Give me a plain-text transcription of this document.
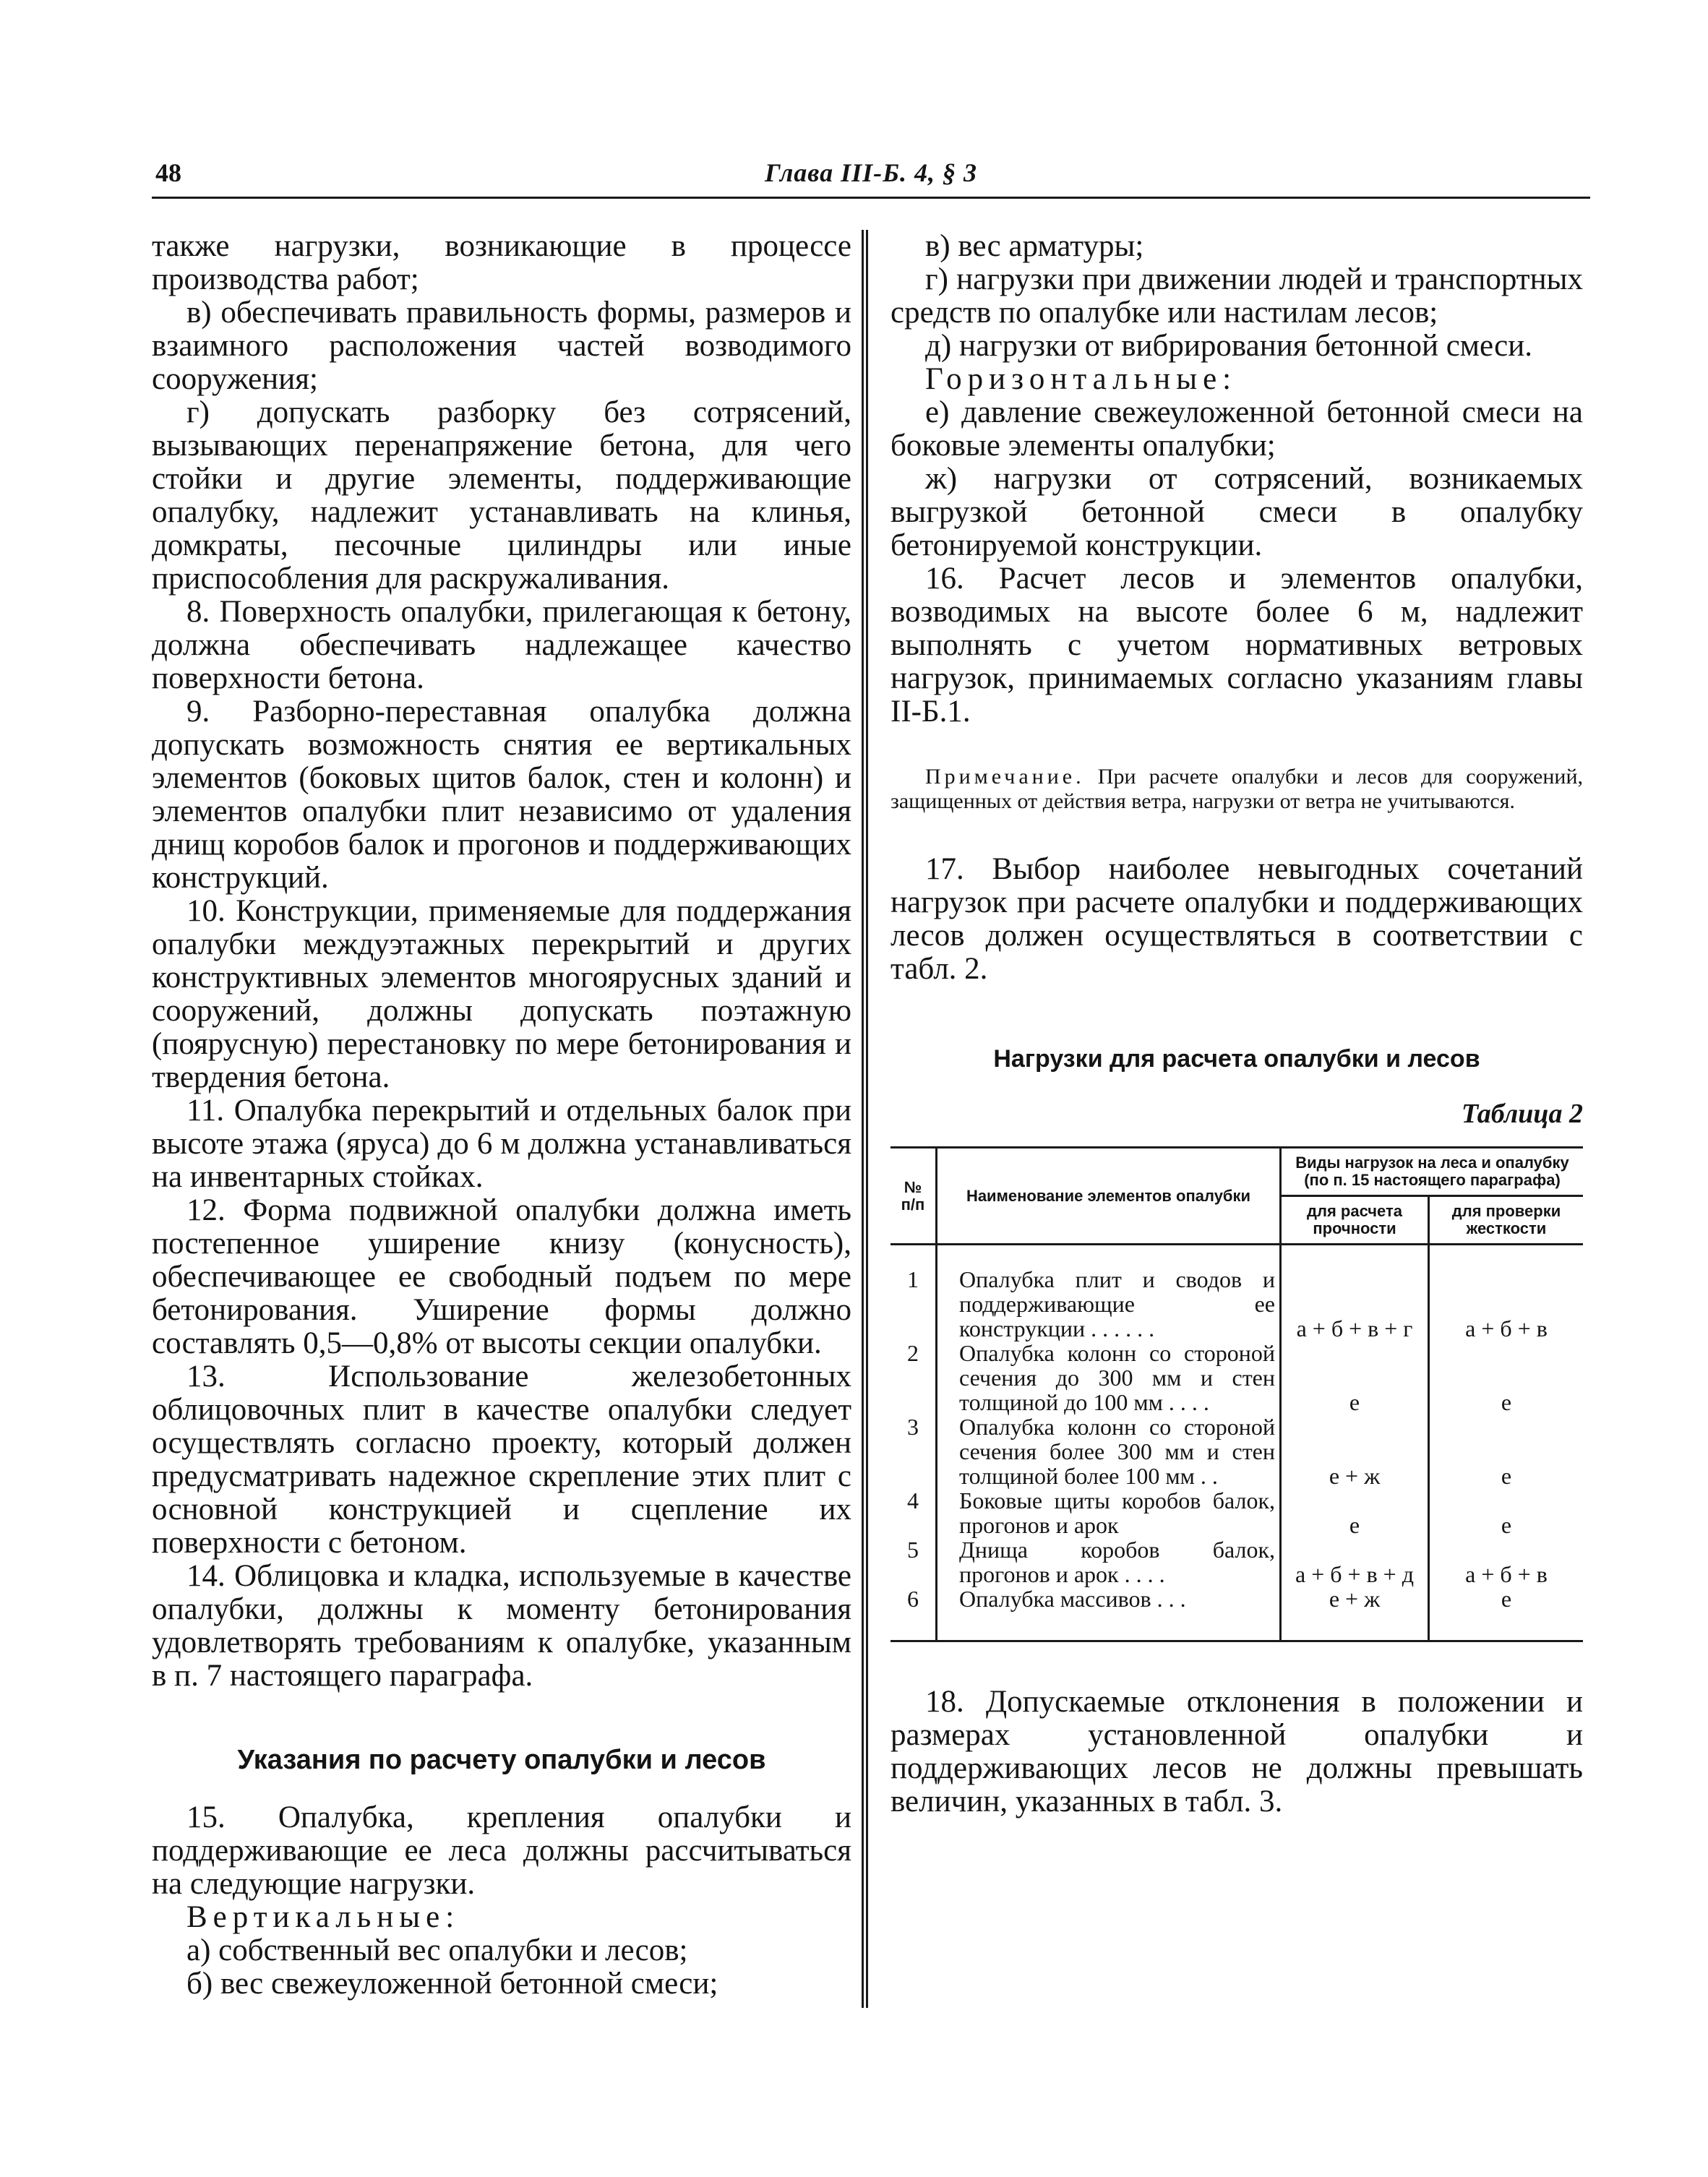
48	Глава III-Б. 4, § 3

также нагрузки, возникающие в процессе производства работ;

в) обеспечивать правильность формы, размеров и взаимного расположения частей возводимого сооружения;

г) допускать разборку без сотрясений, вызывающих перенапряжение бетона, для чего стойки и другие элементы, поддерживающие опалубку, надлежит устанавливать на клинья, домкраты, песочные цилиндры или иные приспособления для раскружаливания.

8. Поверхность опалубки, прилегающая к бетону, должна обеспечивать надлежащее качество поверхности бетона.

9. Разборно-переставная опалубка должна допускать возможность снятия ее вертикальных элементов (боковых щитов балок, стен и колонн) и элементов опалубки плит независимо от удаления днищ коробов балок и прогонов и поддерживающих конструкций.

10. Конструкции, применяемые для поддержания опалубки междуэтажных перекрытий и других конструктивных элементов многоярусных зданий и сооружений, должны допускать поэтажную (поярусную) перестановку по мере бетонирования и твердения бетона.

11. Опалубка перекрытий и отдельных балок при высоте этажа (яруса) до 6 м должна устанавливаться на инвентарных стойках.

12. Форма подвижной опалубки должна иметь постепенное уширение книзу (конусность), обеспечивающее ее свободный подъем по мере бетонирования. Уширение формы должно составлять 0,5—0,8% от высоты секции опалубки.

13. Использование железобетонных облицовочных плит в качестве опалубки следует осуществлять согласно проекту, который должен предусматривать надежное скрепление этих плит с основной конструкцией и сцепление их поверхности с бетоном.

14. Облицовка и кладка, используемые в качестве опалубки, должны к моменту бетонирования удовлетворять требованиям к опалубке, указанным в п. 7 настоящего параграфа.

Указания по расчету опалубки и лесов

15. Опалубка, крепления опалубки и поддерживающие ее леса должны рассчитываться на следующие нагрузки.

Вертикальные:

а) собственный вес опалубки и лесов;

б) вес свежеуложенной бетонной смеси;

в) вес арматуры;

г) нагрузки при движении людей и транспортных средств по опалубке или настилам лесов;

д) нагрузки от вибрирования бетонной смеси.

Горизонтальные:

е) давление свежеуложенной бетонной смеси на боковые элементы опалубки;

ж) нагрузки от сотрясений, возникаемых выгрузкой бетонной смеси в опалубку бетонируемой конструкции.

16. Расчет лесов и элементов опалубки, возводимых на высоте более 6 м, надлежит выполнять с учетом нормативных ветровых нагрузок, принимаемых согласно указаниям главы II-Б.1.

Примечание. При расчете опалубки и лесов для сооружений, защищенных от действия ветра, нагрузки от ветра не учитываются.

17. Выбор наиболее невыгодных сочетаний нагрузок при расчете опалубки и поддерживающих лесов должен осуществляться в соответствии с табл. 2.

Нагрузки для расчета опалубки и лесов

Таблица 2

№ п/п	Наименование элементов опалубки	Виды нагрузок на леса и опалубку (по п. 15 настоящего параграфа)	
		для расчета прочности	для проверки жесткости
1	Опалубка плит и сводов и поддерживающие ее конструкции . . . . . .	а + б + в + г	а + б + в
2	Опалубка колонн со стороной сечения до 300 мм и стен толщиной до 100 мм . . . .	е	е
3	Опалубка колонн со стороной сечения более 300 мм и стен толщиной более 100 мм . .	е + ж	е
4	Боковые щиты коробов балок, прогонов и арок	е	е
5	Днища коробов балок, прогонов и арок . . . .	а + б + в + д	а + б + в
6	Опалубка массивов . . .	е + ж	е

18. Допускаемые отклонения в положении и размерах установленной опалубки и поддерживающих лесов не должны превышать величин, указанных в табл. 3.
